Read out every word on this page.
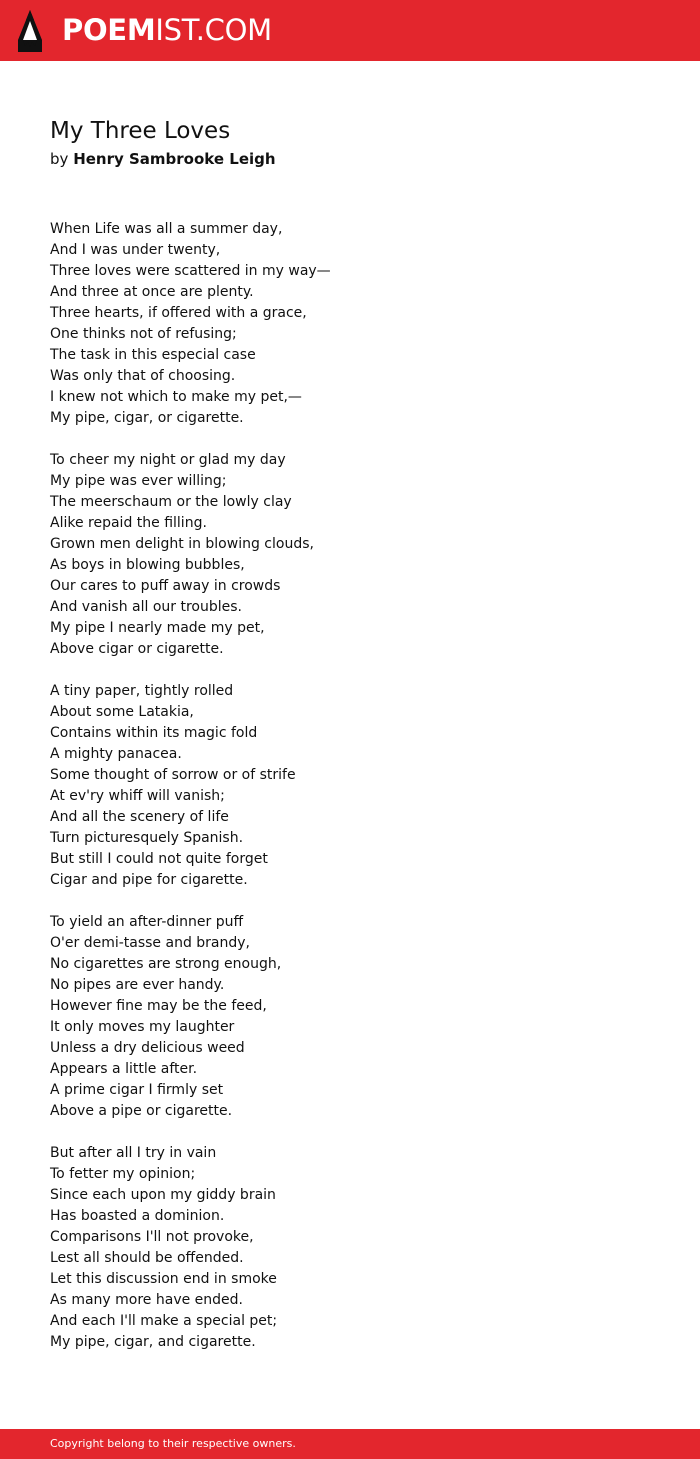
POEMIST.COM
My Three Loves
by Henry Sambrooke Leigh
When Life was all a summer day,
And I was under twenty,
Three loves were scattered in my way—
And three at once are plenty.
Three hearts, if offered with a grace,
One thinks not of refusing;
The task in this especial case
Was only that of choosing.
I knew not which to make my pet,—
My pipe, cigar, or cigarette.
To cheer my night or glad my day
My pipe was ever willing;
The meerschaum or the lowly clay
Alike repaid the filling.
Grown men delight in blowing clouds,
As boys in blowing bubbles,
Our cares to puff away in crowds
And vanish all our troubles.
My pipe I nearly made my pet,
Above cigar or cigarette.
A tiny paper, tightly rolled
About some Latakia,
Contains within its magic fold
A mighty panacea.
Some thought of sorrow or of strife
At ev'ry whiff will vanish;
And all the scenery of life
Turn picturesquely Spanish.
But still I could not quite forget
Cigar and pipe for cigarette.
To yield an after-dinner puff
O'er demi-tasse and brandy,
No cigarettes are strong enough,
No pipes are ever handy.
However fine may be the feed,
It only moves my laughter
Unless a dry delicious weed
Appears a little after.
A prime cigar I firmly set
Above a pipe or cigarette.
But after all I try in vain
To fetter my opinion;
Since each upon my giddy brain
Has boasted a dominion.
Comparisons I'll not provoke,
Lest all should be offended.
Let this discussion end in smoke
As many more have ended.
And each I'll make a special pet;
My pipe, cigar, and cigarette.
Copyright belong to their respective owners.
